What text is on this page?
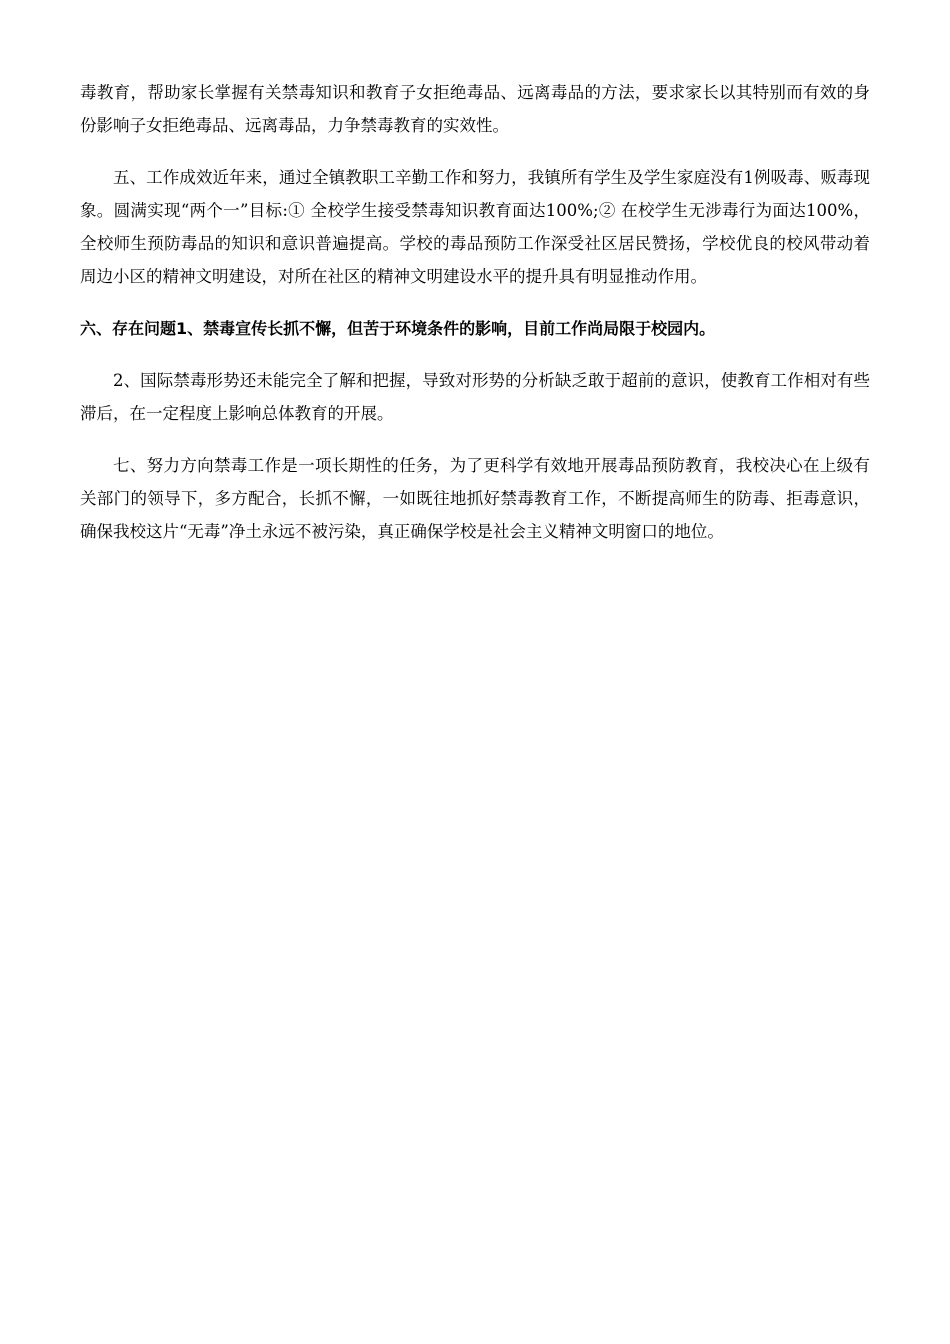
毒教育，帮助家长掌握有关禁毒知识和教育子女拒绝毒品、远离毒品的方法，要求家长以其特别而有效的身份影响子女拒绝毒品、远离毒品，力争禁毒教育的实效性。

五、工作成效近年来，通过全镇教职工辛勤工作和努力，我镇所有学生及学生家庭没有1例吸毒、贩毒现象。圆满实现“两个一”目标:① 全校学生接受禁毒知识教育面达100%;② 在校学生无涉毒行为面达100%，全校师生预防毒品的知识和意识普遍提高。学校的毒品预防工作深受社区居民赞扬，学校优良的校风带动着周边小区的精神文明建设，对所在社区的精神文明建设水平的提升具有明显推动作用。

六、存在问题1、禁毒宣传长抓不懈，但苦于环境条件的影响，目前工作尚局限于校园内。

2、国际禁毒形势还未能完全了解和把握，导致对形势的分析缺乏敢于超前的意识，使教育工作相对有些滞后，在一定程度上影响总体教育的开展。

七、努力方向禁毒工作是一项长期性的任务，为了更科学有效地开展毒品预防教育，我校决心在上级有关部门的领导下，多方配合，长抓不懈，一如既往地抓好禁毒教育工作，不断提高师生的防毒、拒毒意识，确保我校这片“无毒”净土永远不被污染，真正确保学校是社会主义精神文明窗口的地位。
